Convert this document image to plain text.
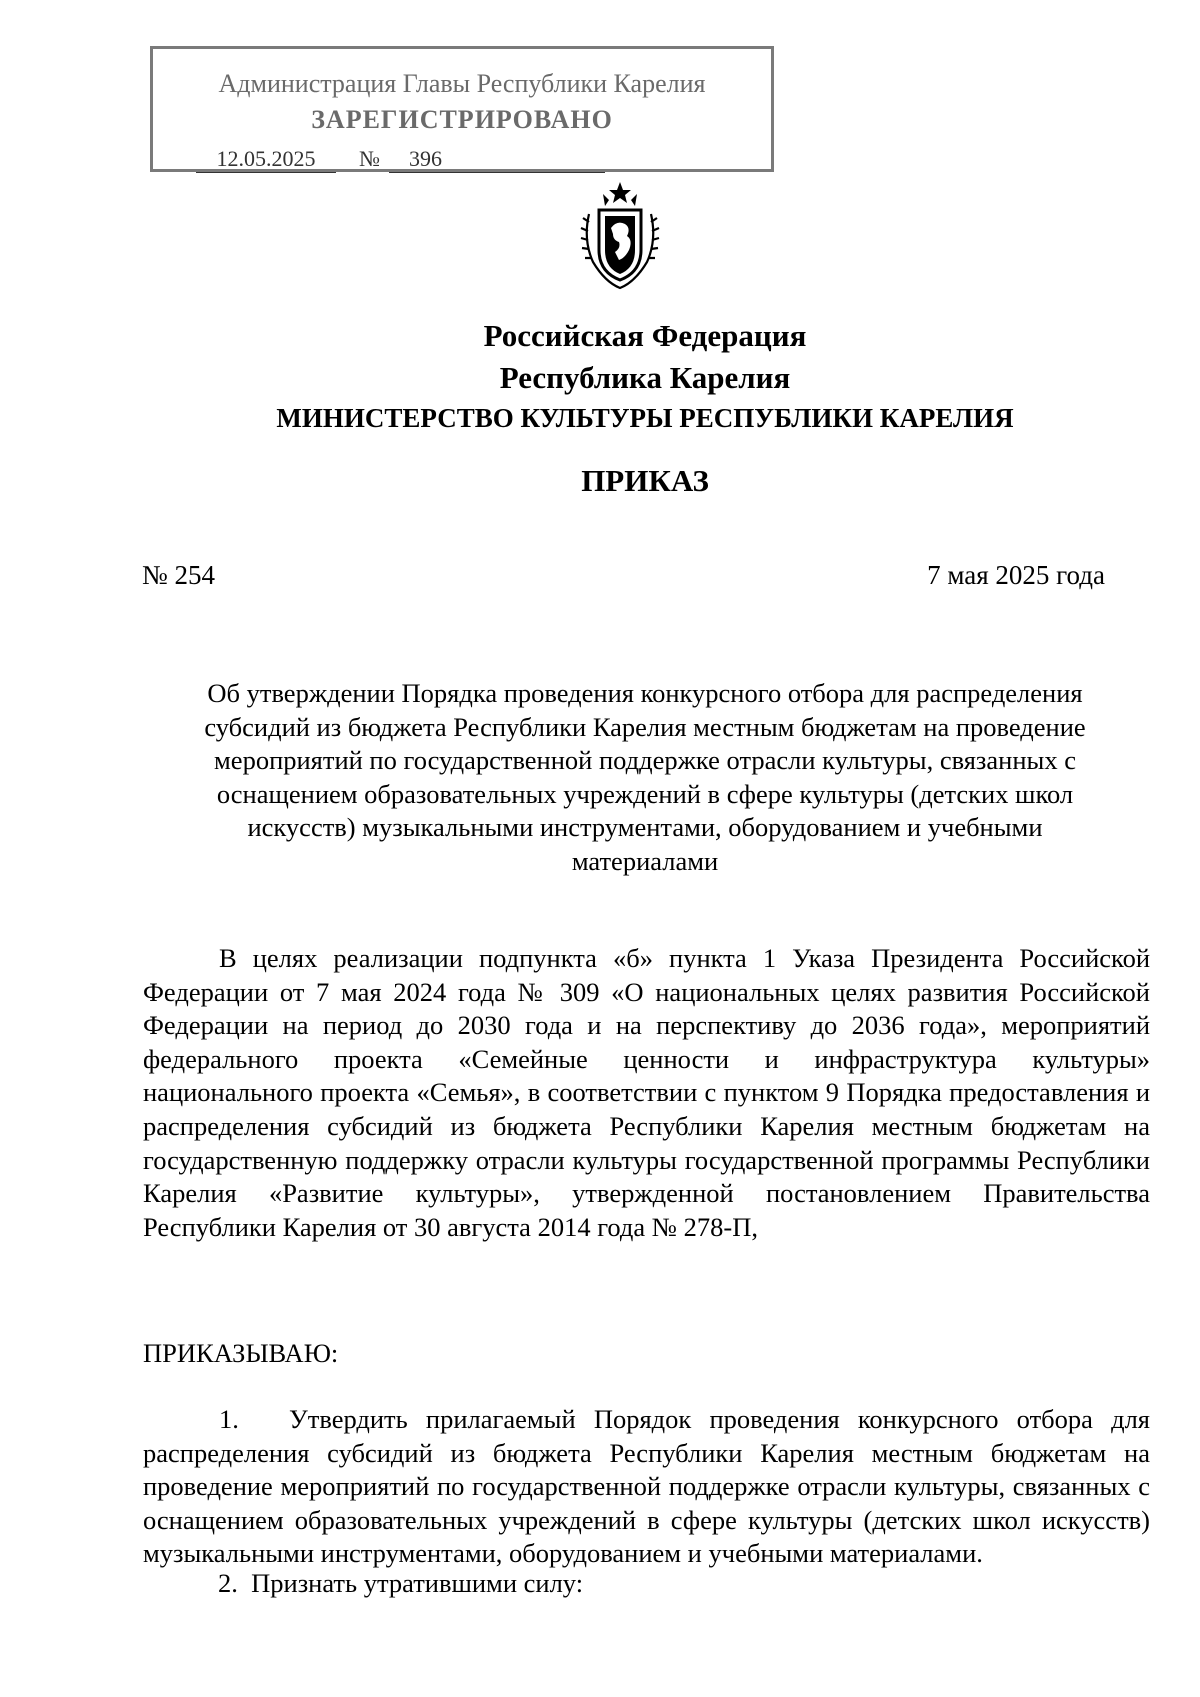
Администрация Главы Республики Карелия
ЗАРЕГИСТРИРОВАНО
12.05.2025	№	396
Российская Федерация
Республика Карелия
МИНИСТЕРСТВО КУЛЬТУРЫ РЕСПУБЛИКИ КАРЕЛИЯ
ПРИКАЗ
№ 254	7 мая 2025 года
Об утверждении Порядка проведения конкурсного отбора для распределения
субсидий из бюджета Республики Карелия местным бюджетам на проведение
мероприятий по государственной поддержке отрасли культуры, связанных с
оснащением образовательных учреждений в сфере культуры (детских школ
искусств) музыкальными инструментами, оборудованием и учебными
материалами

В целях реализации подпункта «б» пункта 1 Указа Президента Российской Федерации от 7 мая 2024 года № 309 «О национальных целях развития Российской Федерации на период до 2030 года и на перспективу до 2036 года», мероприятий федерального проекта «Семейные ценности и инфраструктура культуры» национального проекта «Семья», в соответствии с пунктом 9 Порядка предоставления и распределения субсидий из бюджета Республики Карелия местным бюджетам на государственную поддержку отрасли культуры государственной программы Республики Карелия «Развитие культуры», утвержденной постановлением Правительства Республики Карелия от 30 августа 2014 года № 278-П,

ПРИКАЗЫВАЮ:

1. Утвердить прилагаемый Порядок проведения конкурсного отбора для распределения субсидий из бюджета Республики Карелия местным бюджетам на проведение мероприятий по государственной поддержке отрасли культуры, связанных с оснащением образовательных учреждений в сфере культуры (детских школ искусств) музыкальными инструментами, оборудованием и учебными материалами.

2. Признать утратившими силу:
